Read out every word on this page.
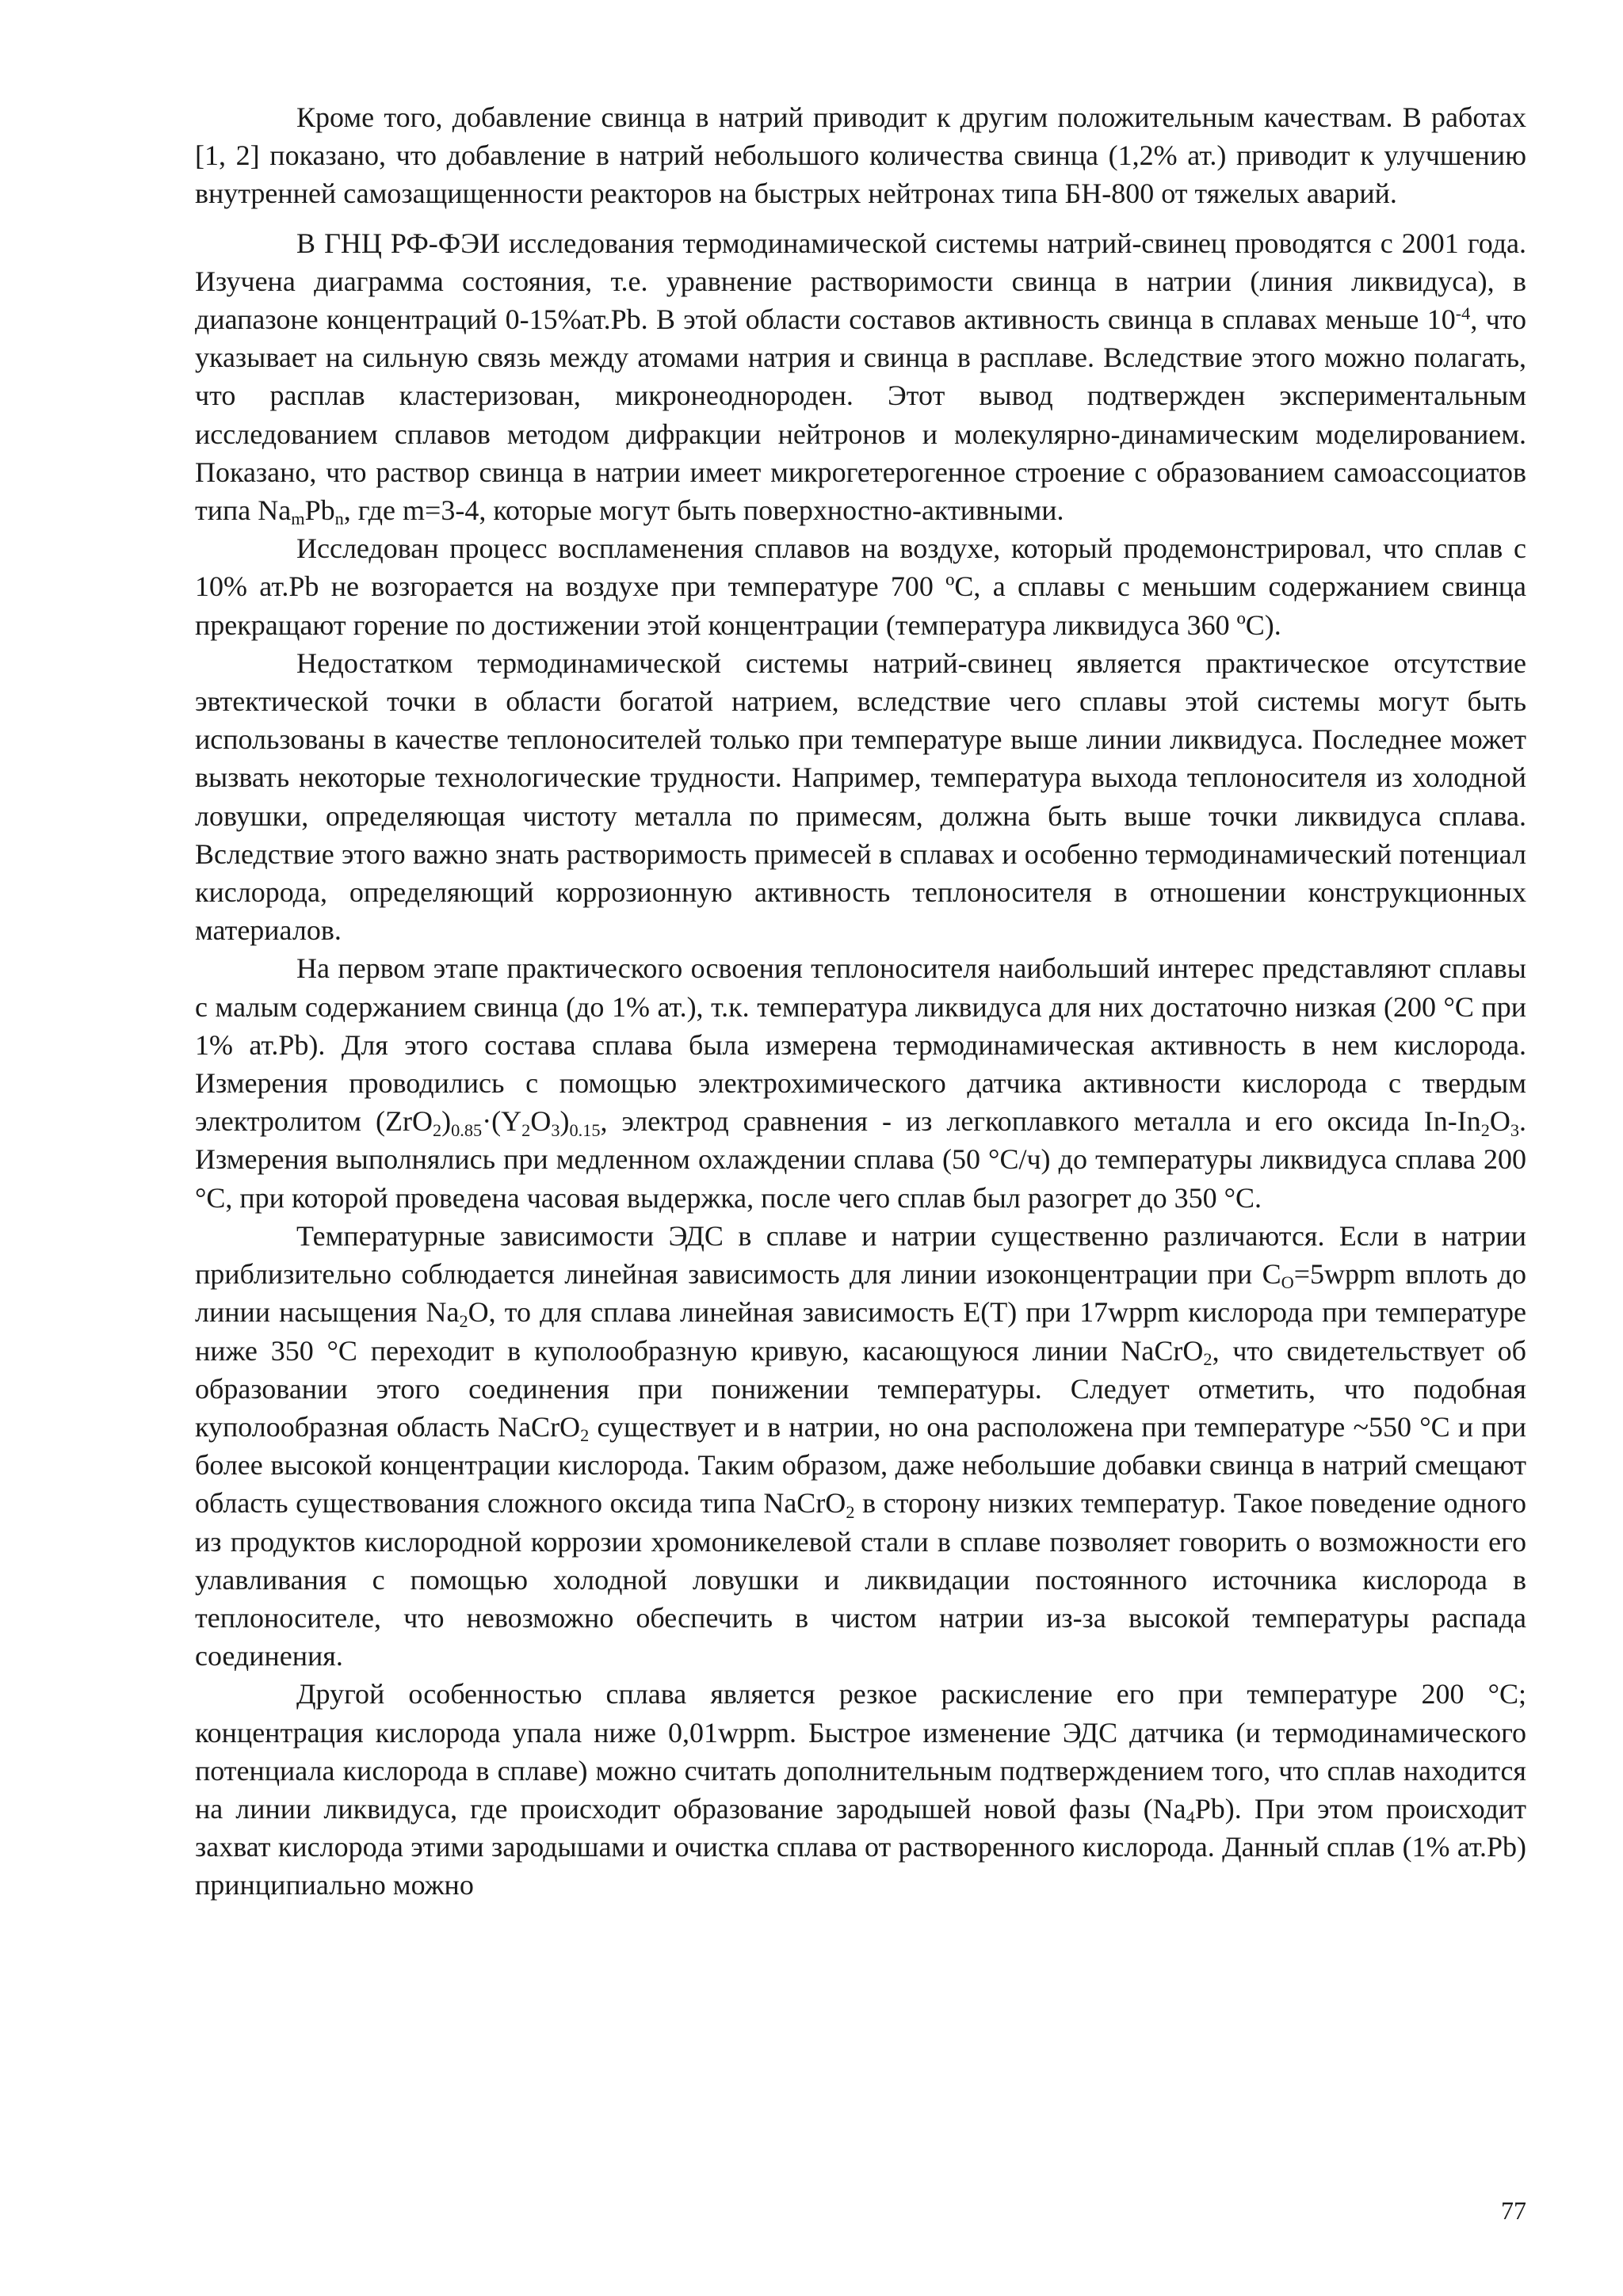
Кроме того, добавление свинца в натрий приводит к другим положительным качествам. В работах [1, 2] показано, что добавление в натрий небольшого количества свинца (1,2% ат.) приводит к улучшению внутренней самозащищенности реакторов на быстрых нейтронах типа БН-800 от тяжелых аварий.

В ГНЦ РФ-ФЭИ исследования термодинамической системы натрий-свинец проводятся с 2001 года. Изучена диаграмма состояния, т.е. уравнение растворимости свинца в натрии (линия ликвидуса), в диапазоне концентраций 0-15%ат.Pb. В этой области составов активность свинца в сплавах меньше $10^{-4}$, что указывает на сильную связь между атомами натрия и свинца в расплаве. Вследствие этого можно полагать, что расплав кластеризован, микронеоднороден. Этот вывод подтвержден экспериментальным исследованием сплавов методом дифракции нейтронов и молекулярно-динамическим моделированием. Показано, что раствор свинца в натрии имеет микрогетерогенное строение с образованием самоассоциатов типа $Na_mPb_n$, где m=3-4, которые могут быть поверхностно-активными.

Исследован процесс воспламенения сплавов на воздухе, который продемонстрировал, что сплав с 10% ат.Pb не возгорается на воздухе при температуре 700 ºС, а сплавы с меньшим содержанием свинца прекращают горение по достижении этой концентрации (температура ликвидуса 360 ºС).

Недостатком термодинамической системы натрий-свинец является практическое отсутствие эвтектической точки в области богатой натрием, вследствие чего сплавы этой системы могут быть использованы в качестве теплоносителей только при температуре выше линии ликвидуса. Последнее может вызвать некоторые технологические трудности. Например, температура выхода теплоносителя из холодной ловушки, определяющая чистоту металла по примесям, должна быть выше точки ликвидуса сплава. Вследствие этого важно знать растворимость примесей в сплавах и особенно термодинамический потенциал кислорода, определяющий коррозионную активность теплоносителя в отношении конструкционных материалов.

На первом этапе практического освоения теплоносителя наибольший интерес представляют сплавы с малым содержанием свинца (до 1% ат.), т.к. температура ликвидуса для них достаточно низкая (200 °С при 1% ат.Pb). Для этого состава сплава была измерена термодинамическая активность в нем кислорода. Измерения проводились с помощью электрохимического датчика активности кислорода с твердым электролитом $(ZrO_2)_{0.85}\cdot(Y_2O_3)_{0.15}$, электрод сравнения - из легкоплавкого металла и его оксида $In-In_2O_3$. Измерения выполнялись при медленном охлаждении сплава (50 °С/ч) до температуры ликвидуса сплава 200 °С, при которой проведена часовая выдержка, после чего сплав был разогрет до 350 °С.

Температурные зависимости ЭДС в сплаве и натрии существенно различаются. Если в натрии приблизительно соблюдается линейная зависимость для линии изоконцентрации при $С_О=5wppm$ вплоть до линии насыщения $Na_2O$, то для сплава линейная зависимость E(T) при 17wppm кислорода при температуре ниже 350 °С переходит в куполообразную кривую, касающуюся линии NaCrO$_2$, что свидетельствует об образовании этого соединения при понижении температуры. Следует отметить, что подобная куполообразная область NaCrO$_2$ существует и в натрии, но она расположена при температуре ~550 °С и при более высокой концентрации кислорода. Таким образом, даже небольшие добавки свинца в натрий смещают область существования сложного оксида типа NaCrO$_2$ в сторону низких температур. Такое поведение одного из продуктов кислородной коррозии хромоникелевой стали в сплаве позволяет говорить о возможности его улавливания с помощью холодной ловушки и ликвидации постоянного источника кислорода в теплоносителе, что невозможно обеспечить в чистом натрии из-за высокой температуры распада соединения.

Другой особенностью сплава является резкое раскисление его при температуре 200 °С; концентрация кислорода упала ниже 0,01wppm. Быстрое изменение ЭДС датчика (и термодинамического потенциала кислорода в сплаве) можно считать дополнительным подтверждением того, что сплав находится на линии ликвидуса, где происходит образование зародышей новой фазы $(Na_4Pb)$. При этом происходит захват кислорода этими зародышами и очистка сплава от растворенного кислорода. Данный сплав (1% ат.Pb) принципиально можно

77
